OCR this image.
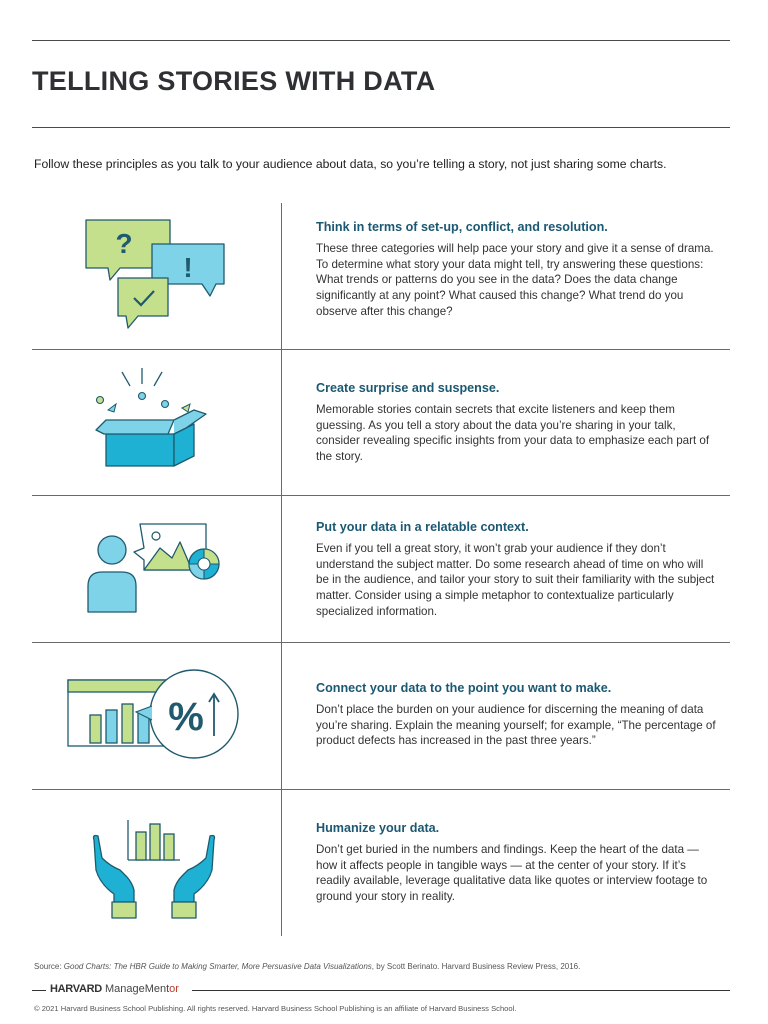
TELLING STORIES WITH DATA
Follow these principles as you talk to your audience about data, so you’re telling a story, not just sharing some charts.
?
!
%
Think in terms of set-up, conflict, and resolution.

These three categories will help pace your story and give it a sense of drama. To determine what story your data might tell, try answering these questions: What trends or patterns do you see in the data? Does the data change significantly at any point? What caused this change? What trend do you observe after this change?

Create surprise and suspense.

Memorable stories contain secrets that excite listeners and keep them guessing. As you tell a story about the data you’re sharing in your talk, consider revealing specific insights from your data to emphasize each part of the story.

Put your data in a relatable context.

Even if you tell a great story, it won’t grab your audience if they don’t understand the subject matter. Do some research ahead of time on who will be in the audience, and tailor your story to suit their familiarity with the subject matter. Consider using a simple metaphor to contextualize particularly specialized information.

Connect your data to the point you want to make.

Don’t place the burden on your audience for discerning the meaning of data you’re sharing. Explain the meaning yourself; for example, “The percentage of product defects has increased in the past three years.”

Humanize your data.

Don’t get buried in the numbers and findings. Keep the heart of the data — how it affects people in tangible ways — at the center of your story. If it’s readily available, leverage qualitative data like quotes or interview footage to ground your story in reality.

Source: Good Charts: The HBR Guide to Making Smarter, More Persuasive Data Visualizations, by Scott Berinato. Harvard Business Review Press, 2016.
HARVARD ManageMentor
© 2021 Harvard Business School Publishing. All rights reserved. Harvard Business School Publishing is an affiliate of Harvard Business School.
